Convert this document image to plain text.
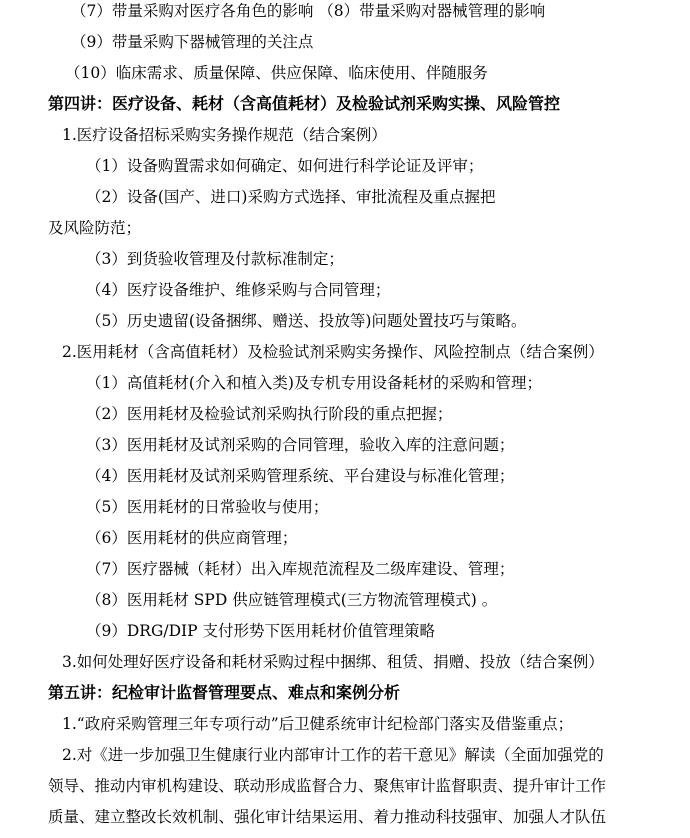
（7）带量采购对医疗各角色的影响 （8）带量采购对器械管理的影响
（9）带量采购下器械管理的关注点
（10）临床需求、质量保障、供应保障、临床使用、伴随服务
第四讲：医疗设备、耗材（含高值耗材）及检验试剂采购实操、风险管控
1.医疗设备招标采购实务操作规范（结合案例）
（1）设备购置需求如何确定、如何进行科学论证及评审；
（2）设备(国产、进口)采购方式选择、审批流程及重点握把
及风险防范；
（3）到货验收管理及付款标准制定；
（4）医疗设备维护、维修采购与合同管理；
（5）历史遗留(设备捆绑、赠送、投放等)问题处置技巧与策略。
2.医用耗材（含高值耗材）及检验试剂采购实务操作、风险控制点（结合案例）
（1）高值耗材(介入和植入类)及专机专用设备耗材的采购和管理；
（2）医用耗材及检验试剂采购执行阶段的重点把握；
（3）医用耗材及试剂采购的合同管理，验收入库的注意问题；
（4）医用耗材及试剂采购管理系统、平台建设与标准化管理；
（5）医用耗材的日常验收与使用；
（6）医用耗材的供应商管理；
（7）医疗器械（耗材）出入库规范流程及二级库建设、管理；
（8）医用耗材 SPD 供应链管理模式(三方物流管理模式) 。
（9）DRG/DIP 支付形势下医用耗材价值管理策略
3.如何处理好医疗设备和耗材采购过程中捆绑、租赁、捐赠、投放（结合案例）
第五讲：纪检审计监督管理要点、难点和案例分析
1.“政府采购管理三年专项行动”后卫健系统审计纪检部门落实及借鉴重点；
2.对《进一步加强卫生健康行业内部审计工作的若干意见》解读（全面加强党的
领导、推动内审机构建设、联动形成监督合力、聚焦审计监督职责、提升审计工作
质量、建立整改长效机制、强化审计结果运用、着力推动科技强审、加强人才队伍
